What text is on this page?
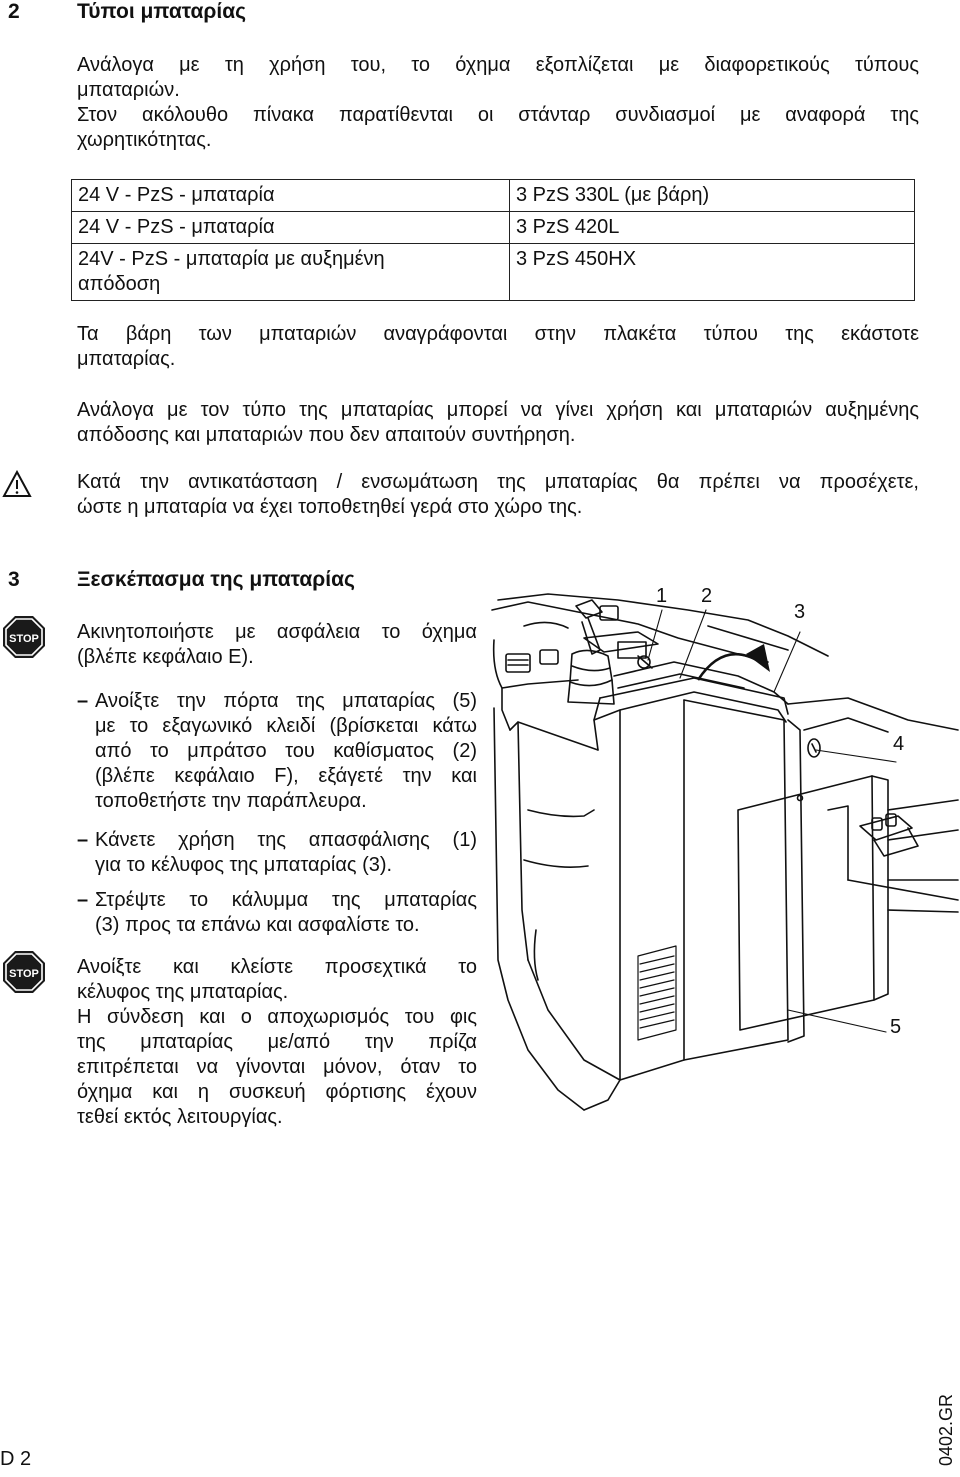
2	Τύποι μπαταρίας
Ανάλογα με τη χρήση του, το όχημα εξοπλίζεται με διαφορετικούς τύπους
μπαταριών.
Στον ακόλουθο πίνακα παρατίθενται οι στάνταρ συνδιασμοί με αναφορά της
χωρητικότητας.
24 V - PzS - μπαταρία	3 PzS 330L (με βάρη)
24 V - PzS - μπαταρία	3 PzS 420L

24V - PzS - μπαταρία με αυξημένη απόδοση	3 PzS 450HX
Τα βάρη των μπαταριών αναγράφονται στην πλακέτα τύπου της εκάστοτε
μπαταρίας.
Ανάλογα με τον τύπο της μπαταρίας μπορεί να γίνει χρήση και μπαταριών αυξημένης
απόδοσης και μπαταριών που δεν απαιτούν συντήρηση.
Κατά την αντικατάσταση / ενσωμάτωση της μπαταρίας θα πρέπει να προσέχετε,
ώστε η μπαταρία να έχει τοποθετηθεί γερά στο χώρο της.
3	Ξεσκέπασμα της μπαταρίας
STOP Ακινητοποιήστε με ασφάλεια το όχημα
(βλέπε κεφάλαιο Ε).
– Ανοίξτε την πόρτα της μπαταρίας (5)
με το εξαγωνικό κλειδί (βρίσκεται κάτω
από το μπράτσο του καθίσματος (2)
(βλέπε κεφάλαιο F), εξάγετέ την και
τοποθετήστε την παράπλευρα.
– Κάνετε χρήση της απασφάλισης (1)
για το κέλυφος της μπαταρίας (3).
– Στρέψτε το κάλυμμα της μπαταρίας
(3) προς τα επάνω και ασφαλίστε το.
STOP Ανοίξτε και κλείστε προσεχτικά το
κέλυφος της μπαταρίας.
Η σύνδεση και ο αποχωρισμός του φις
της μπαταρίας με/από την πρίζα
επιτρέπεται να γίνονται μόνον, όταν το
όχημα και η συσκευή φόρτισης έχουν
τεθεί εκτός λειτουργίας.
1 2
3
4
5
D 2	0402.GR
